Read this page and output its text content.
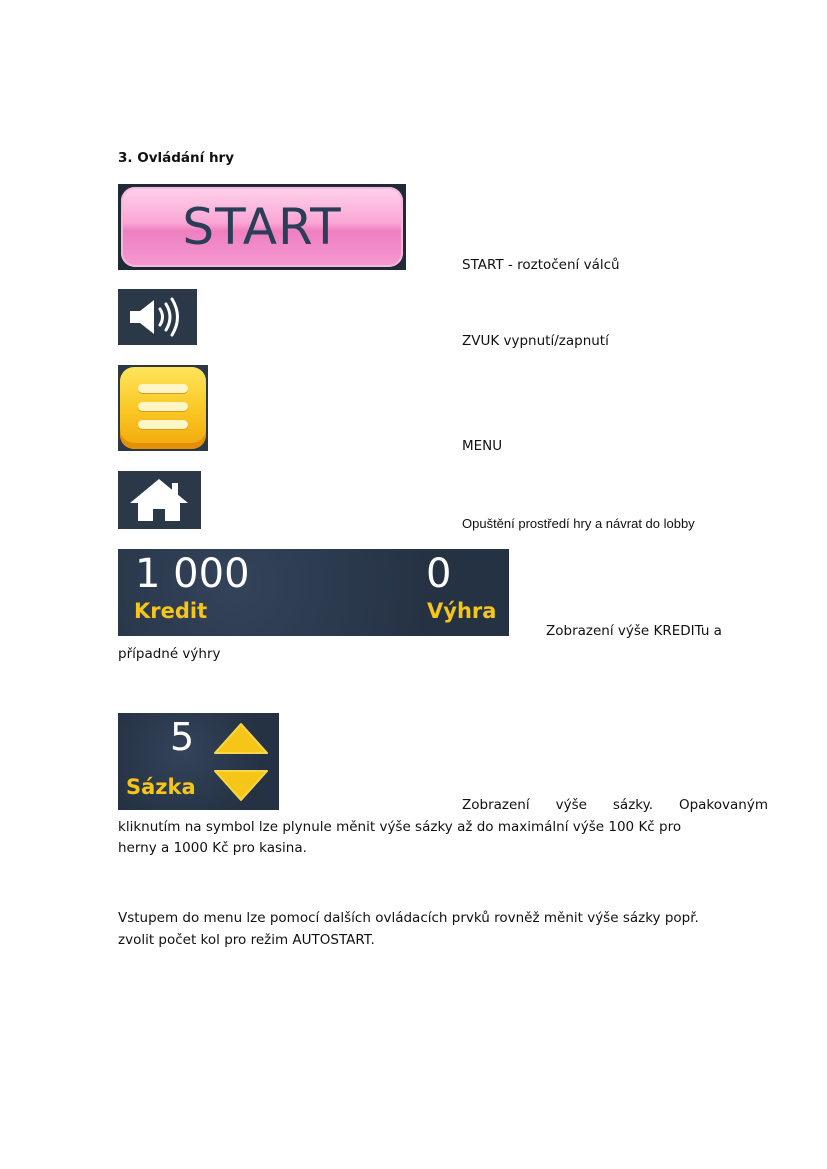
3. Ovládání hry
START
START - roztočení válců
ZVUK vypnutí/zapnutí
MENU
Opuštění prostředí hry a návrat do lobby
1 000
Kredit
0
Výhra
Zobrazení výše KREDITu a
případné výhry
5
Sázka
Zobrazení výše sázky. Opakovaným
kliknutím na symbol lze plynule měnit výše sázky až do maximální výše 100 Kč pro
herny a 1000 Kč pro kasina.
Vstupem do menu lze pomocí dalších ovládacích prvků rovněž měnit výše sázky popř.
zvolit počet kol pro režim AUTOSTART.
